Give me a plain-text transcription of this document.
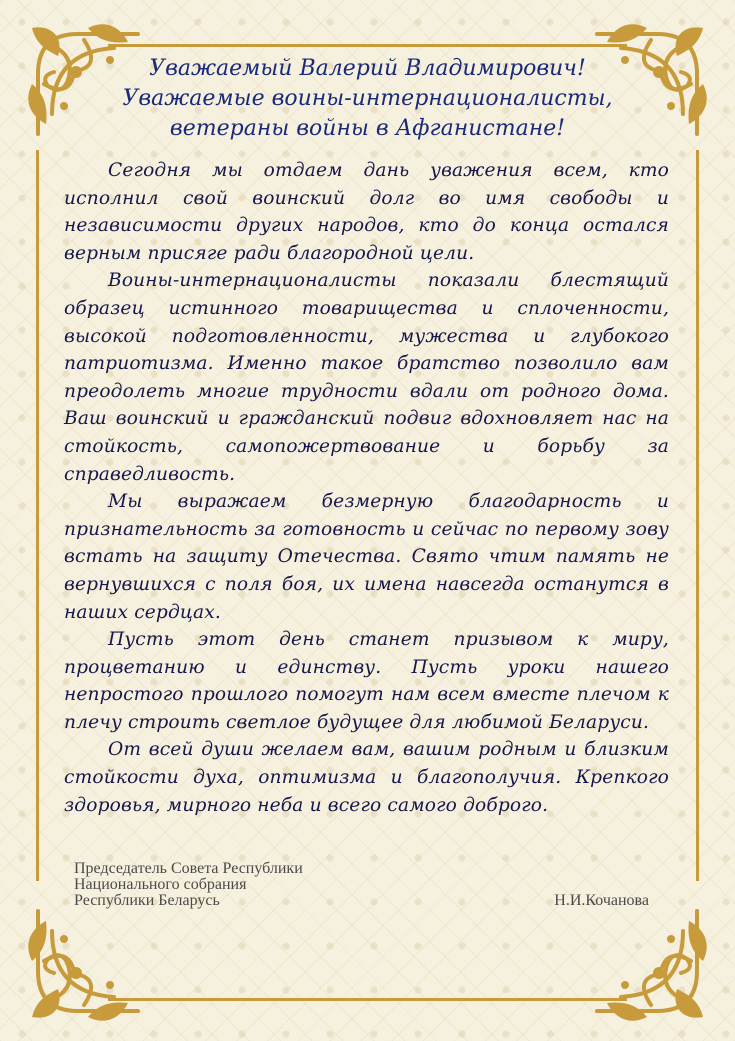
Уважаемый Валерий Владимирович!
Уважаемые воины-интернационалисты,
ветераны войны в Афганистане!

Сегодня мы отдаем дань уважения всем, кто исполнил свой воинский долг во имя свободы и независимости других народов, кто до конца остался верным присяге ради благородной цели.

Воины-интернационалисты показали блестящий образец истинного товарищества и сплоченности, высокой подготовленности, мужества и глубокого патриотизма. Именно такое братство позволило вам преодолеть многие трудности вдали от родного дома. Ваш воинский и гражданский подвиг вдохновляет нас на стойкость, самопожертвование и борьбу за справедливость.

Мы выражаем безмерную благодарность и признательность за готовность и сейчас по первому зову встать на защиту Отечества. Свято чтим память не вернувшихся с поля боя, их имена навсегда останутся в наших сердцах.

Пусть этот день станет призывом к миру, процветанию и единству. Пусть уроки нашего непростого прошлого помогут нам всем вместе плечом к плечу строить светлое будущее для любимой Беларуси.

От всей души желаем вам, вашим родным и близким стойкости духа, оптимизма и благополучия. Крепкого здоровья, мирного неба и всего самого доброго.

Председатель Совета Республики
Национального собрания
Республики Беларусь	Н.И.Кочанова
